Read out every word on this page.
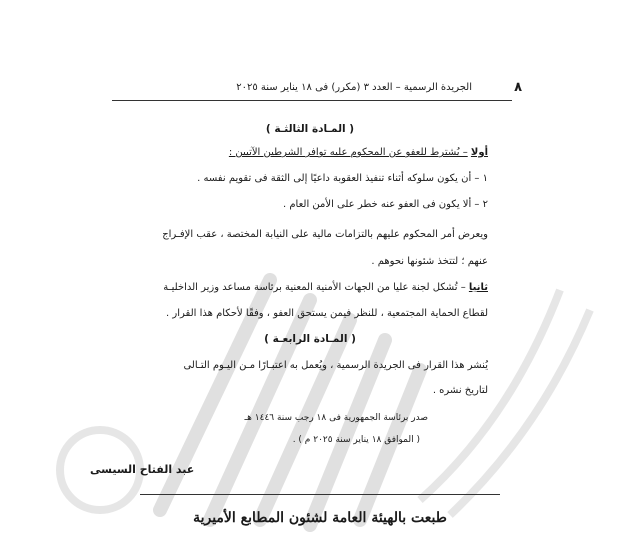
٨
الجريدة الرسمية – العدد ٣ (مكرر) فى ١٨ يناير سنة ٢٠٢٥
( المـادة الثالثـة )
أولا – يُشترط للعفو عن المحكوم عليه توافر الشرطين الآتيين :
١ – أن يكون سلوكه أثناء تنفيذ العقوبة داعيًا إلى الثقة فى تقويم نفسه .
٢ – ألا يكون فى العفو عنه خطر على الأمن العام .
ويعرض أمر المحكوم عليهم بالتزامات مالية على النيابة المختصة ، عقب الإفـراج
عنهم ؛ لتتخذ شئونها نحوهم .
ثانيا – تُشكل لجنة عليا من الجهات الأمنية المعنية برئاسة مساعد وزير الداخليـة
لقطاع الحماية المجتمعية ، للنظر فيمن يستحق العفو ، وفقًا لأحكام هذا القرار .
( المـادة الرابعـة )
يُنشر هذا القرار فى الجريدة الرسمية ، ويُعمل به اعتبـارًا مـن اليـوم التـالى
لتاريخ نشره .
صدر برئاسة الجمهورية فى ١٨ رجب سنة ١٤٤٦ هـ
( الموافق ١٨ يناير سنة ٢٠٢٥ م ) .
عبد الفتاح السيسى
طبعت بالهيئة العامة لشئون المطابع الأميرية
